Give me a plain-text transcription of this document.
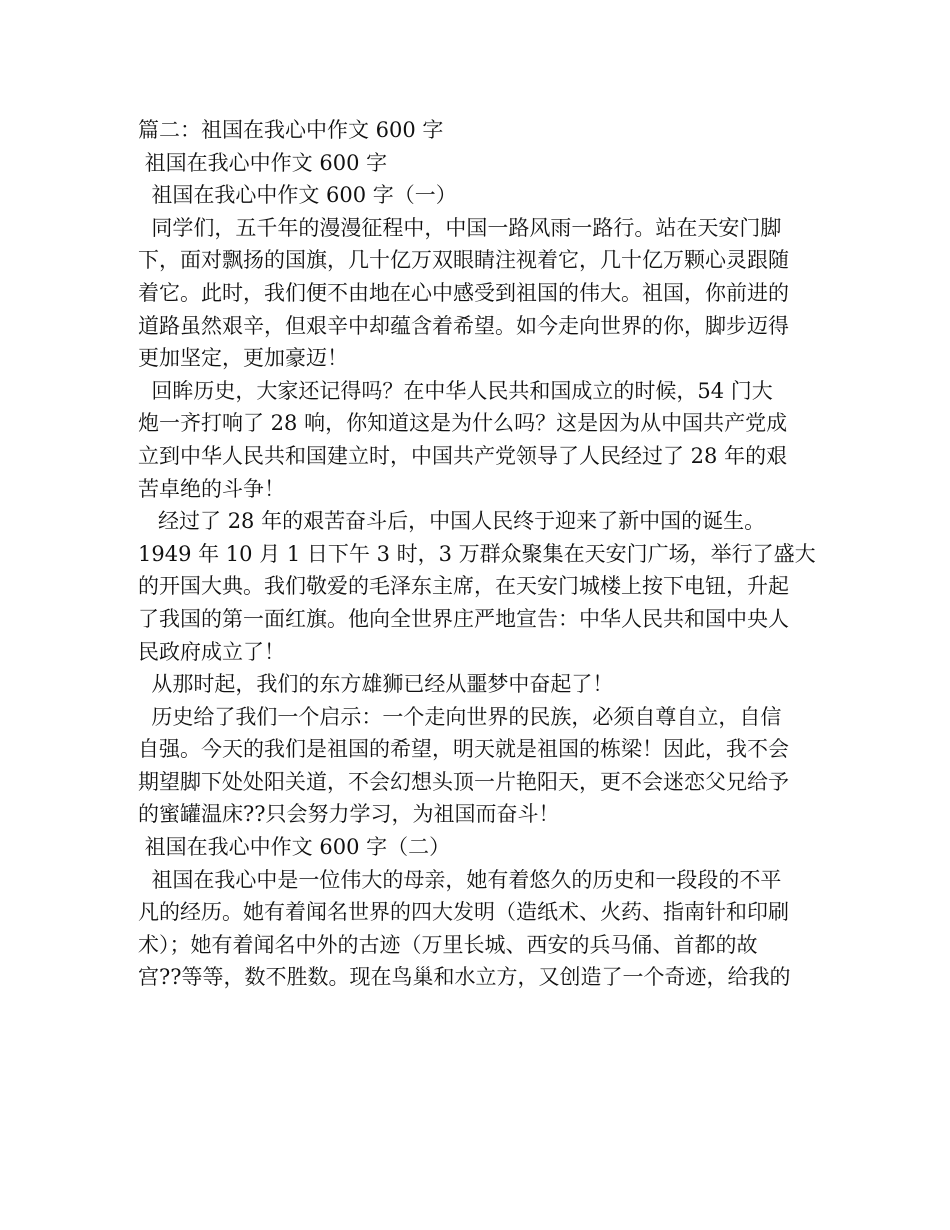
篇二：祖国在我心中作文 600 字
祖国在我心中作文 600 字
祖国在我心中作文 600 字（一）
同学们，五千年的漫漫征程中，中国一路风雨一路行。站在天安门脚
下，面对飘扬的国旗，几十亿万双眼睛注视着它，几十亿万颗心灵跟随
着它。此时，我们便不由地在心中感受到祖国的伟大。祖国，你前进的
道路虽然艰辛，但艰辛中却蕴含着希望。如今走向世界的你，脚步迈得
更加坚定，更加豪迈！
回眸历史，大家还记得吗？在中华人民共和国成立的时候，54 门大
炮一齐打响了 28 响，你知道这是为什么吗？这是因为从中国共产党成
立到中华人民共和国建立时，中国共产党领导了人民经过了 28 年的艰
苦卓绝的斗争！
经过了 28 年的艰苦奋斗后，中国人民终于迎来了新中国的诞生。
1949 年 10 月 1 日下午 3 时，3 万群众聚集在天安门广场，举行了盛大
的开国大典。我们敬爱的毛泽东主席，在天安门城楼上按下电钮，升起
了我国的第一面红旗。他向全世界庄严地宣告：中华人民共和国中央人
民政府成立了！
从那时起，我们的东方雄狮已经从噩梦中奋起了！
历史给了我们一个启示：一个走向世界的民族，必须自尊自立，自信
自强。今天的我们是祖国的希望，明天就是祖国的栋梁！因此，我不会
期望脚下处处阳关道，不会幻想头顶一片艳阳天，更不会迷恋父兄给予
的蜜罐温床??只会努力学习，为祖国而奋斗！
祖国在我心中作文 600 字（二）
祖国在我心中是一位伟大的母亲，她有着悠久的历史和一段段的不平
凡的经历。她有着闻名世界的四大发明（造纸术、火药、指南针和印刷
术）；她有着闻名中外的古迹（万里长城、西安的兵马俑、首都的故
宫??等等，数不胜数。现在鸟巢和水立方，又创造了一个奇迹，给我的
